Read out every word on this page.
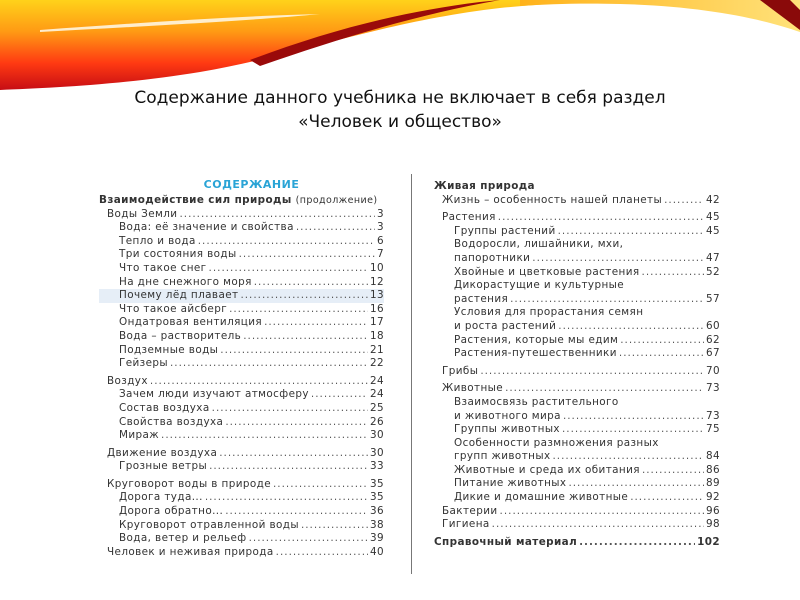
Содержание данного учебника не включает в себя раздел
«Человек и общество»
СОДЕРЖАНИЕ
Взаимодействие сил природы
(продолжение)
Воды Земли .....	3
Вода: её значение и свойства .....	3
Тепло и вода .....	6
Три состояния воды .....	7
Что такое снег .....	10
На дне снежного моря .....	12
Почему лёд плавает .....	13
Что такое айсберг .....	16
Ондатровая вентиляция .....	17
Вода – растворитель .....	18
Подземные воды .....	21
Гейзеры .....	22
Воздух .....	24
Зачем люди изучают атмосферу .....	24
Состав воздуха .....	25
Свойства воздуха .....	26
Мираж .....	30
Движение воздуха .....	30
Грозные ветры .....	33
Круговорот воды в природе .....	35
Дорога туда... .....	35
Дорога обратно... .....	36
Круговорот отравленной воды .....	38
Вода, ветер и рельеф .....	39
Человек и неживая природа .....	40
Живая природа
Жизнь – особенность нашей планеты .....	42
Растения .....	45
Группы растений .....	45
Водоросли, лишайники, мхи,
папоротники .....	47
Хвойные и цветковые растения .....	52
Дикорастущие и культурные
растения .....	57
Условия для прорастания семян
и роста растений .....	60
Растения, которые мы едим .....	62
Растения-путешественники .....	67
Грибы .....	70
Животные .....	73
Взаимосвязь растительного
и животного мира .....	73
Группы животных .....	75
Особенности размножения разных
групп животных .....	84
Животные и среда их обитания .....	86
Питание животных .....	89
Дикие и домашние животные .....	92
Бактерии .....	96
Гигиена .....	98
Справочный материал .....	102
